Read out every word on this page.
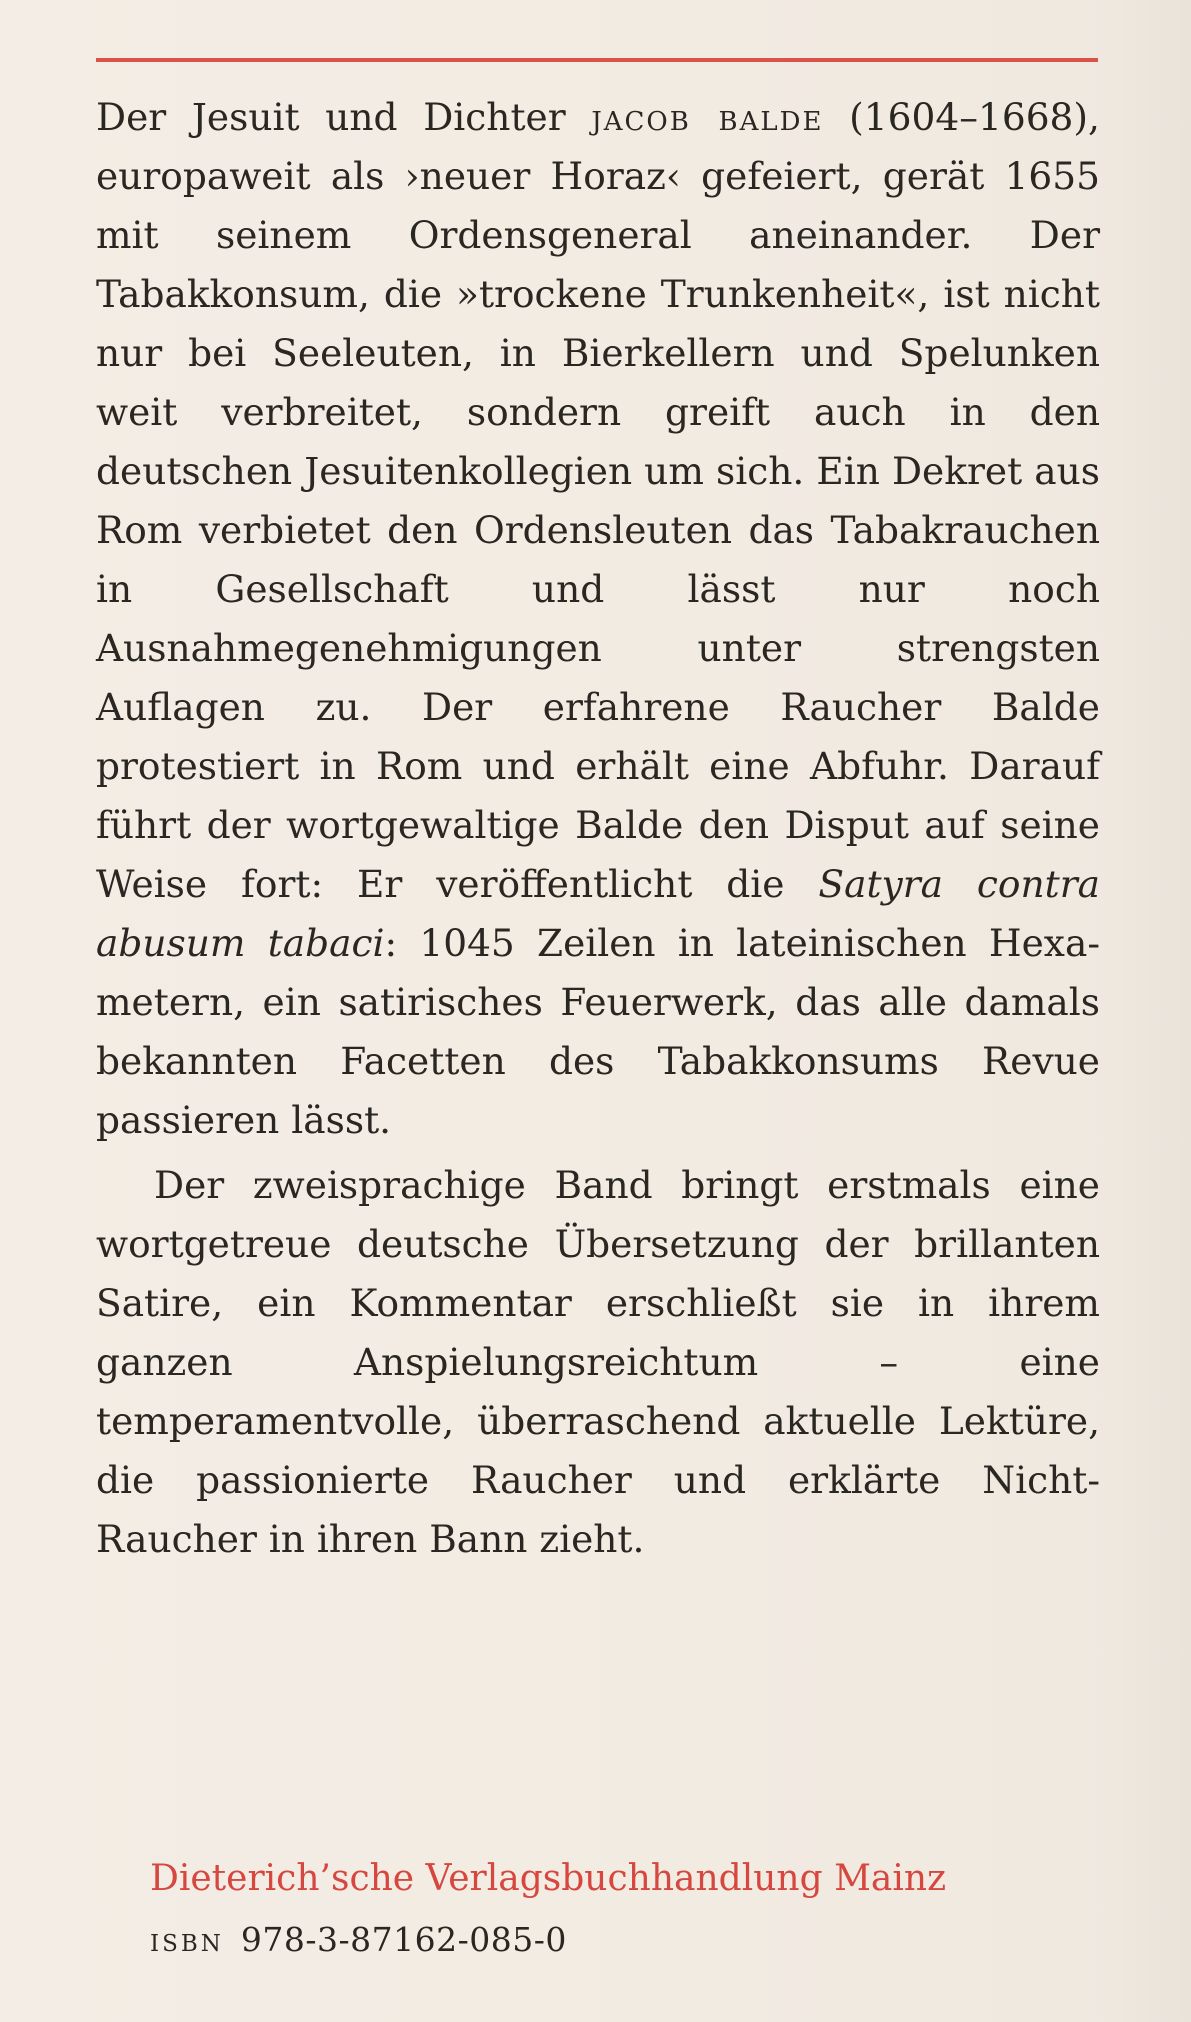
Der Jesuit und Dichter jacob balde (1604–1668), europaweit als ›neuer Horaz‹ gefeiert, gerät 1655 mit seinem Ordensgeneral aneinander. Der Tabakkonsum, die »trockene Trunkenheit«, ist nicht nur bei Seeleuten, in Bierkellern und Spelunken weit verbreitet, sondern greift auch in den deutschen Jesuitenkollegien um sich. Ein Dekret aus Rom verbietet den Ordensleuten das Tabakrauchen in Gesellschaft und lässt nur noch Ausnahmegenehmigungen unter strengsten Auflagen zu. Der erfahrene Raucher Balde protestiert in Rom und erhält eine Abfuhr. Darauf führt der wortgewaltige Balde den Disput auf seine Weise fort: Er veröffentlicht die Satyra contra abusum tabaci: 1045 Zeilen in lateinischen Hexametern, ein satirisches Feuerwerk, das alle damals bekannten Facetten des Tabakkonsums Revue passieren lässt.

Der zweisprachige Band bringt erstmals eine wortgetreue deutsche Übersetzung der brillanten Satire, ein Kommentar erschließt sie in ihrem ganzen Anspielungsreichtum – eine temperamentvolle, überraschend aktuelle Lektüre, die passionierte Raucher und erklärte Nicht-Raucher in ihren Bann zieht.

Dieterich’sche Verlagsbuchhandlung Mainz
isbn 978-3-87162-085-0
